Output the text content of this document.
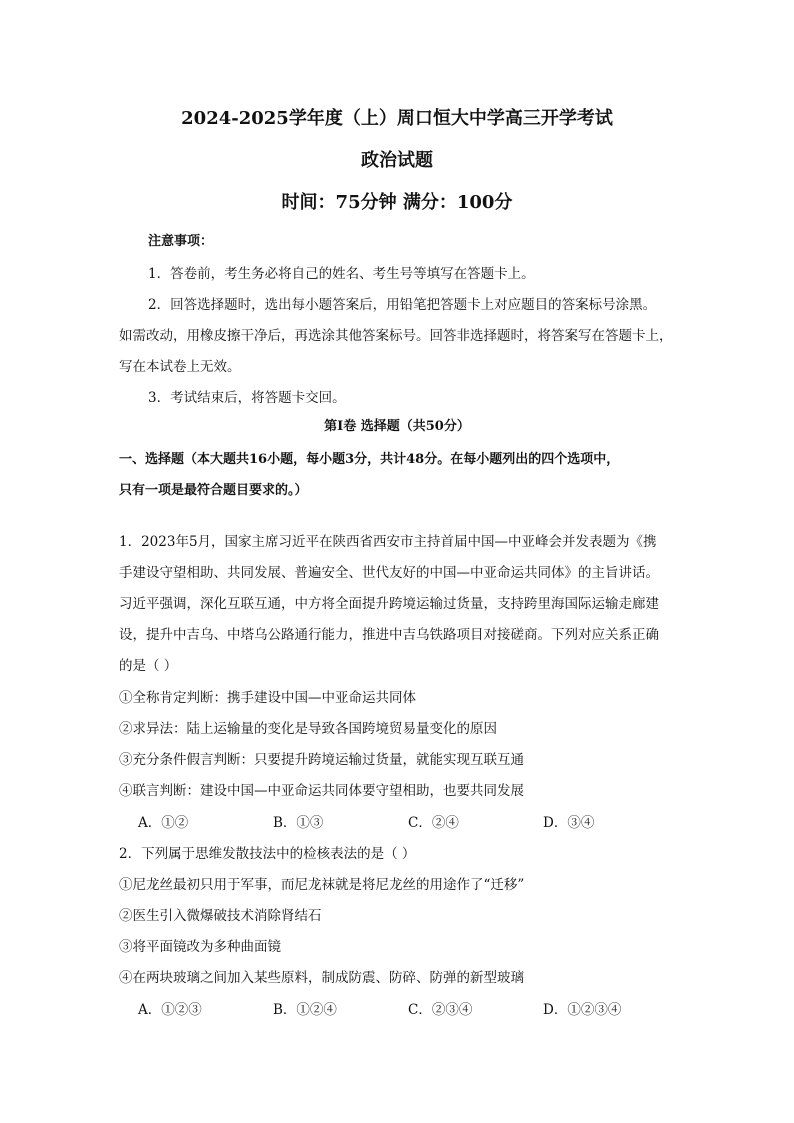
2024-2025学年度（上）周口恒大中学高三开学考试
政治试题
时间：75分钟 满分：100分
注意事项：
1．答卷前，考生务必将自己的姓名、考生号等填写在答题卡上。
2．回答选择题时，选出每小题答案后，用铅笔把答题卡上对应题目的答案标号涂黑。
如需改动，用橡皮擦干净后，再选涂其他答案标号。回答非选择题时，将答案写在答题卡上，
写在本试卷上无效。
3．考试结束后，将答题卡交回。
第Ⅰ卷 选择题（共50分）
一、选择题（本大题共16小题，每小题3分，共计48分。在每小题列出的四个选项中，
只有一项是最符合题目要求的。）
1．2023年5月，国家主席习近平在陕西省西安市主持首届中国—中亚峰会并发表题为《携
手建设守望相助、共同发展、普遍安全、世代友好的中国—中亚命运共同体》的主旨讲话。
习近平强调，深化互联互通，中方将全面提升跨境运输过货量，支持跨里海国际运输走廊建
设，提升中吉乌、中塔乌公路通行能力，推进中吉乌铁路项目对接磋商。下列对应关系正确
的是（ ）
①全称肯定判断：携手建设中国—中亚命运共同体
②求异法：陆上运输量的变化是导致各国跨境贸易量变化的原因
③充分条件假言判断：只要提升跨境运输过货量，就能实现互联互通
④联言判断：建设中国—中亚命运共同体要守望相助，也要共同发展
A．①②	B．①③	C．②④	D．③④
2．下列属于思维发散技法中的检核表法的是（ ）
①尼龙丝最初只用于军事，而尼龙袜就是将尼龙丝的用途作了“迁移”
②医生引入微爆破技术消除肾结石
③将平面镜改为多种曲面镜
④在两块玻璃之间加入某些原料，制成防震、防碎、防弹的新型玻璃
A．①②③	B．①②④	C．②③④	D．①②③④
